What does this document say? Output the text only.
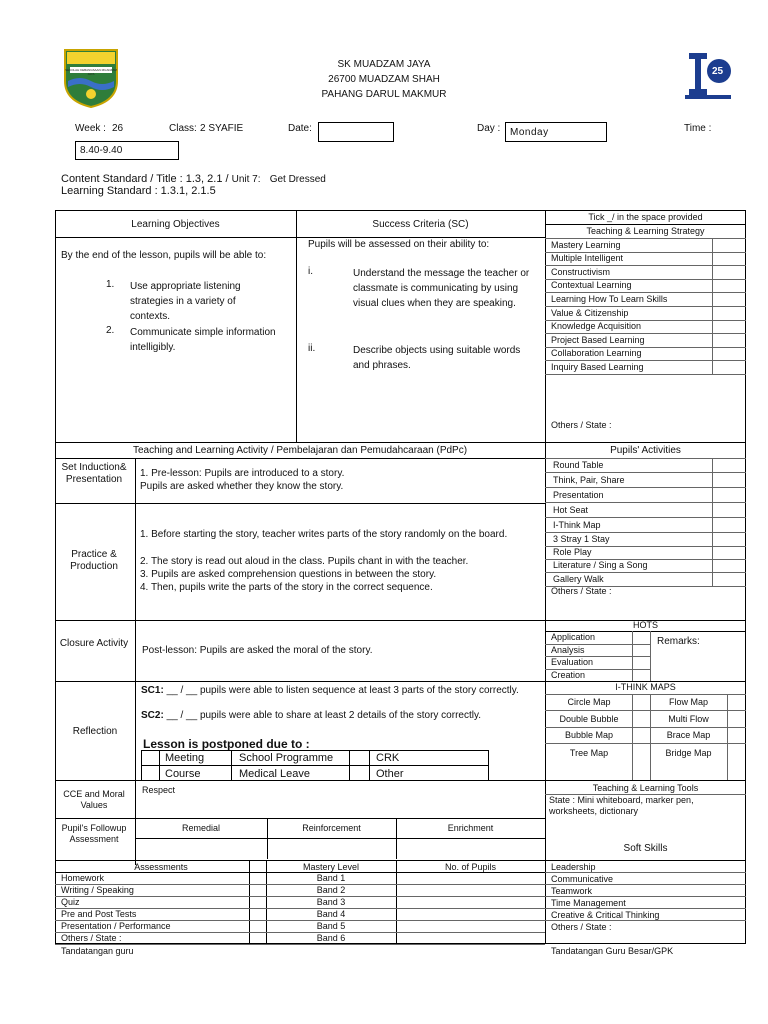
SEKOLAH KEBANGSAAN MUADZAM JAYA	25
SK MUADZAM JAYA
26700 MUADZAM SHAH
PAHANG DARUL MAKMUR
Week : 26	Class: 2 SYAFIE	Date:	Day : Monday	Time :
8.40-9.40
Content Standard / Title : 1.3, 2.1 / Unit 7: Get Dressed
Learning Standard : 1.3.1, 2.1.5
Learning Objectives
By the end of the lesson, pupils will be able to:
1. Use appropriate listening strategies in a variety of contexts.
2. Communicate simple information intelligibly.
Success Criteria (SC)
Pupils will be assessed on their ability to:
i.	Understand the message the teacher or classmate is communicating by using visual clues when they are speaking.
ii.	Describe objects using suitable words and phrases.
Tick _/ in the space provided
Teaching & Learning Strategy
Mastery Learning
Multiple Intelligent
Constructivism
Contextual Learning
Learning How To Learn Skills
Value & Citizenship
Knowledge Acquisition
Project Based Learning
Collaboration Learning
Inquiry Based Learning
Others / State :
Teaching and Learning Activity / Pembelajaran dan Pemudahcaraan (PdPc)
Set Induction& Presentation
1. Pre-lesson: Pupils are introduced to a story.
Pupils are asked whether they know the story.
Practice & Production
1. Before starting the story, teacher writes parts of the story randomly on the board.
2. The story is read out aloud in the class. Pupils chant in with the teacher.
3. Pupils are asked comprehension questions in between the story.
4. Then, pupils write the parts of the story in the correct sequence.
Closure Activity
Post-lesson: Pupils are asked the moral of the story.
Pupils' Activities
Round Table
Think, Pair, Share
Presentation
Hot Seat
I-Think Map
3 Stray 1 Stay
Role Play
Literature / Sing a Song
Gallery Walk
Others / State :
HOTS
Application
Analysis
Evaluation
Creation
Remarks:
Reflection
SC1: __ / __ pupils were able to listen sequence at least 3 parts of the story correctly.
SC2: __ / __ pupils were able to share at least 2 details of the story correctly.
Lesson is postponed due to :
Meeting	School Programme	CRK
Course	Medical Leave	Other
I-THINK MAPS
Circle Map	Flow Map
Double Bubble	Multi Flow
Bubble Map	Brace Map
Tree Map	Bridge Map
CCE and Moral Values
Respect	Teaching & Learning Tools
State : Mini whiteboard, marker pen, worksheets, dictionary
Pupil's Followup Assessment
Remedial	Reinforcement	Enrichment
Soft Skills
Assessments	Mastery Level	No. of Pupils
Homework	Band 1
Writing / Speaking	Band 2
Quiz	Band 3
Pre and Post Tests	Band 4
Presentation / Performance	Band 5
Others / State :	Band 6
Leadership
Communicative
Teamwork
Time Management
Creative & Critical Thinking
Others / State :
Tandatangan guru	Tandatangan Guru Besar/GPK
